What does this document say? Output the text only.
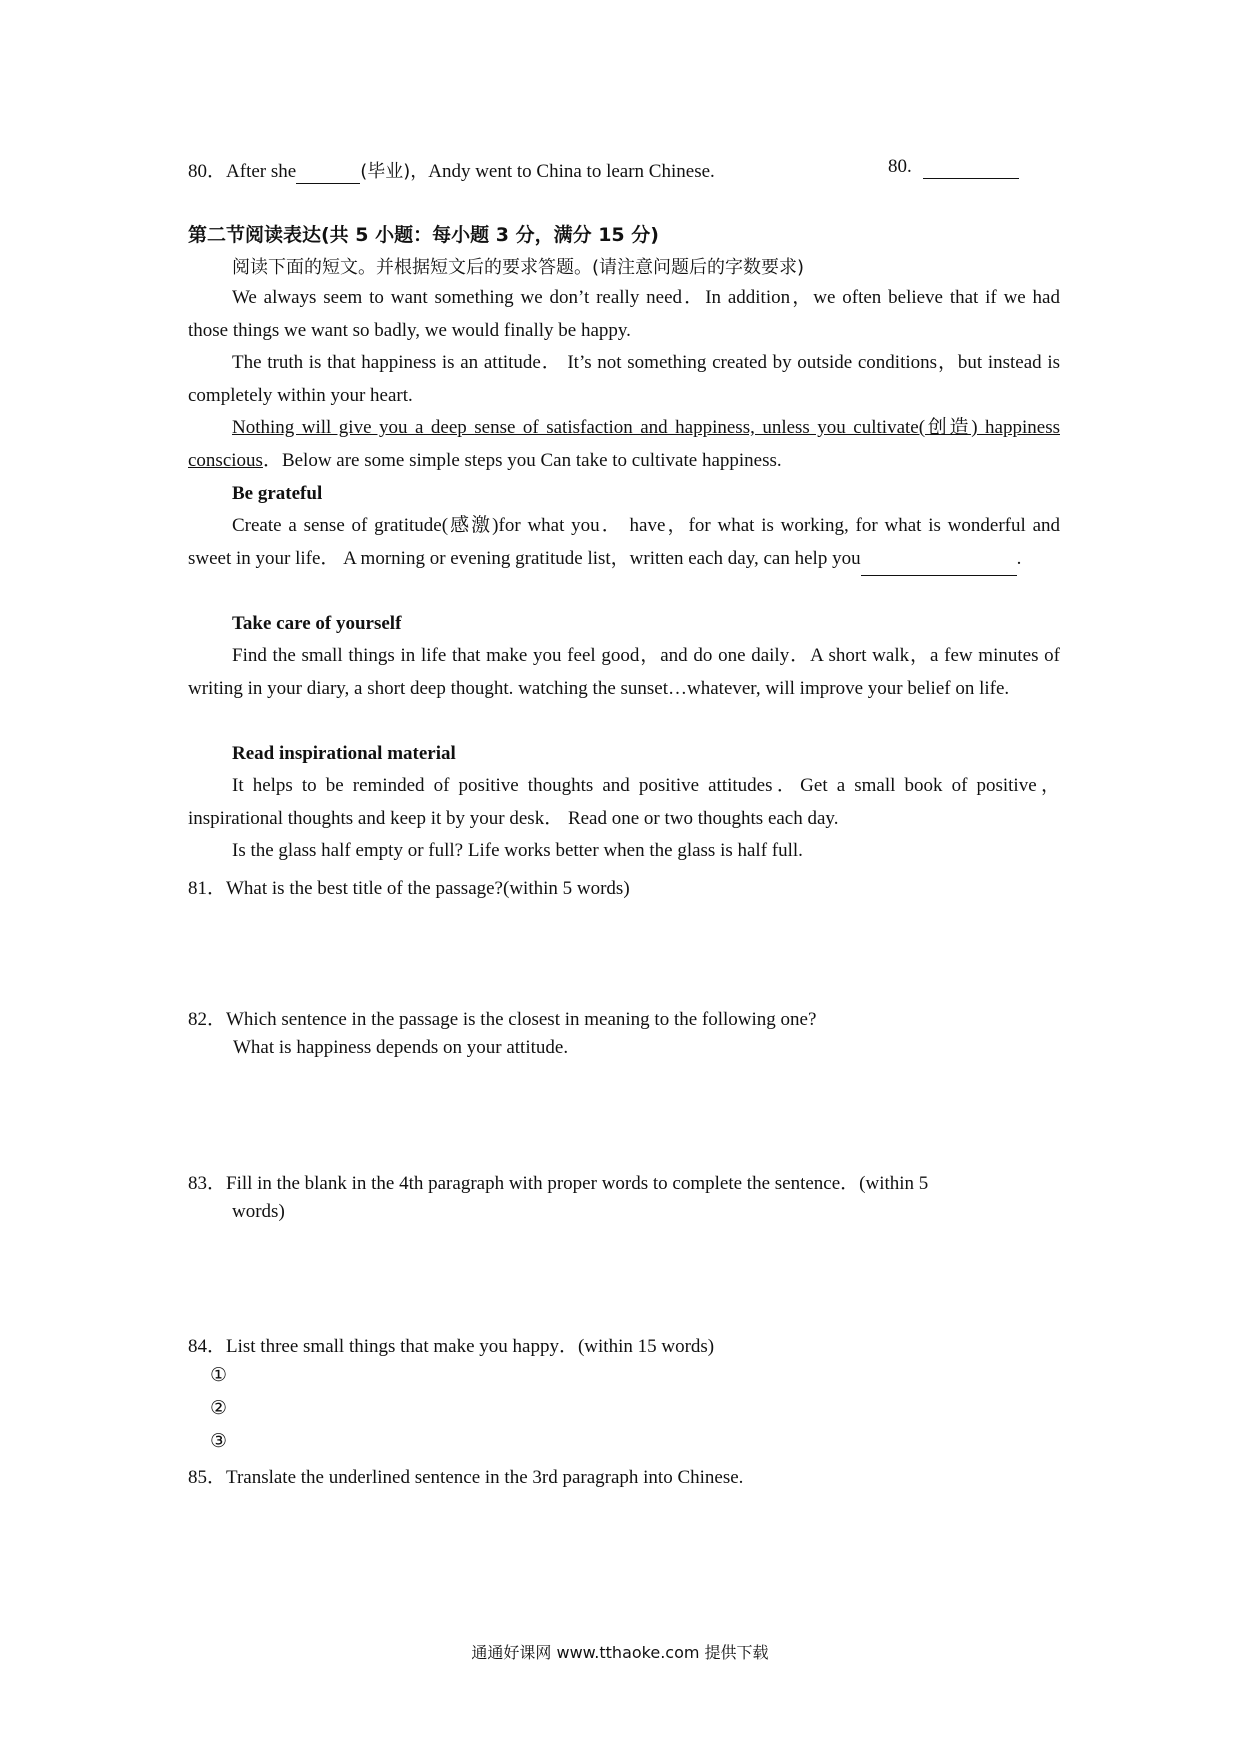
80．After she	(毕业)，Andy went to China to learn Chinese.	80.
第二节阅读表达(共 5 小题：每小题 3 分，满分 15 分)
阅读下面的短文。并根据短文后的要求答题。(请注意问题后的字数要求)
We always seem to want something we don’t really need．In addition，we often believe that if we had those things we want so badly, we would finally be happy.
The truth is that happiness is an attitude． It’s not something created by outside conditions，but instead is completely within your heart.
Nothing will give you a deep sense of satisfaction and happiness, unless you cultivate(创造) happiness conscious．Below are some simple steps you Can take to cultivate happiness.
Be grateful
Create a sense of gratitude(感激)for what you． have，for what is working, for what is wonderful and sweet in your life． A morning or evening gratitude list，written each day, can help you	.
Take care of yourself
Find the small things in life that make you feel good，and do one daily．A short walk，a few minutes of writing in your diary, a short deep thought. watching the sunset…whatever, will improve your belief on life.
Read inspirational material
It helps to be reminded of positive thoughts and positive attitudes．Get a small book of positive，inspirational thoughts and keep it by your desk． Read one or two thoughts each day.
Is the glass half empty or full? Life works better when the glass is half full.
81．What is the best title of the passage?(within 5 words)
82．Which sentence in the passage is the closest in meaning to the following one?
What is happiness depends on your attitude.
83．Fill in the blank in the 4th paragraph with proper words to complete the sentence．(within 5
words)
84．List three small things that make you happy．(within 15 words)
①
②
③
85．Translate the underlined sentence in the 3rd paragraph into Chinese.
通通好课网 www.tthaoke.com 提供下载
